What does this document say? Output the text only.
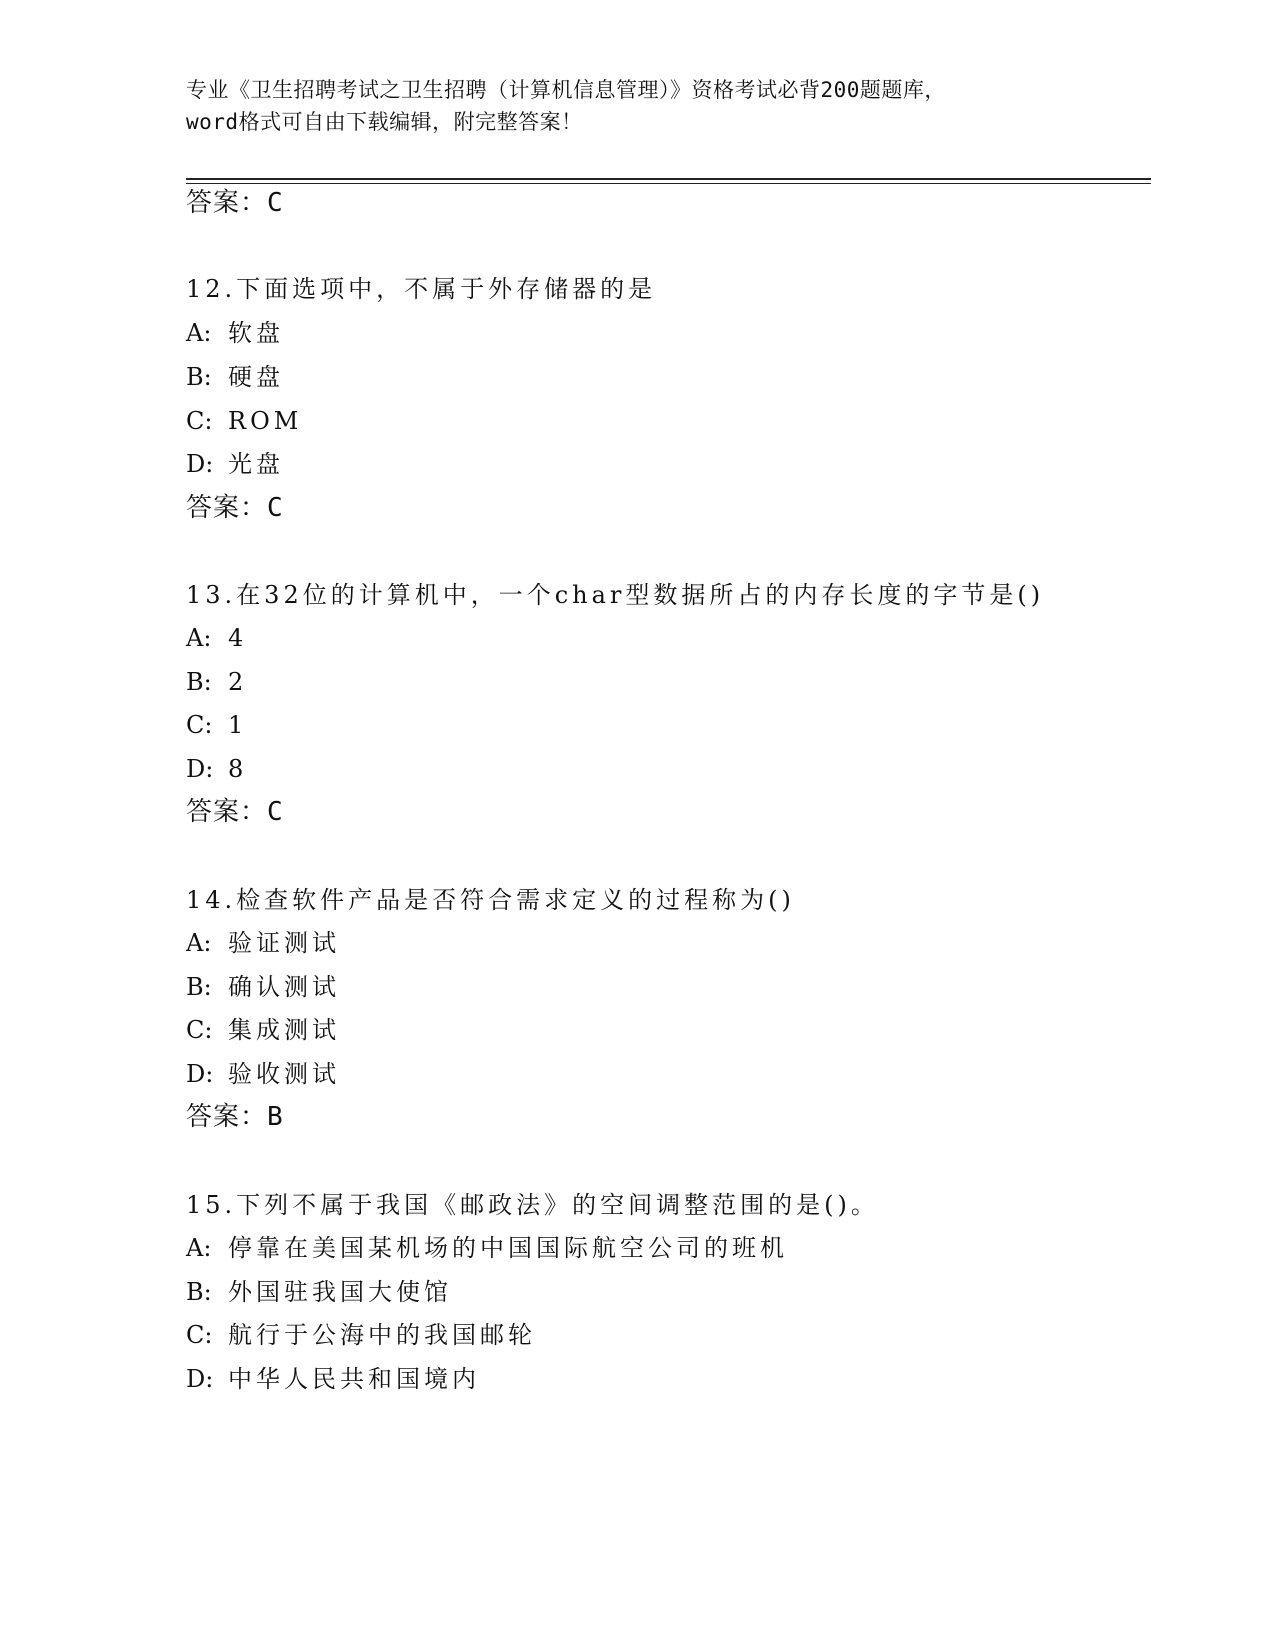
专业《卫生招聘考试之卫生招聘（计算机信息管理）》资格考试必背200题题库，
word格式可自由下载编辑，附完整答案！
答案：C
12.下面选项中，不属于外存储器的是
A: 软盘
B: 硬盘
C: ROM
D: 光盘
答案：C
13.在32位的计算机中，一个char型数据所占的内存长度的字节是()
A: 4
B: 2
C: 1
D: 8
答案：C
14.检查软件产品是否符合需求定义的过程称为()
A: 验证测试
B: 确认测试
C: 集成测试
D: 验收测试
答案：B
15.下列不属于我国《邮政法》的空间调整范围的是()。
A: 停靠在美国某机场的中国国际航空公司的班机
B: 外国驻我国大使馆
C: 航行于公海中的我国邮轮
D: 中华人民共和国境内
